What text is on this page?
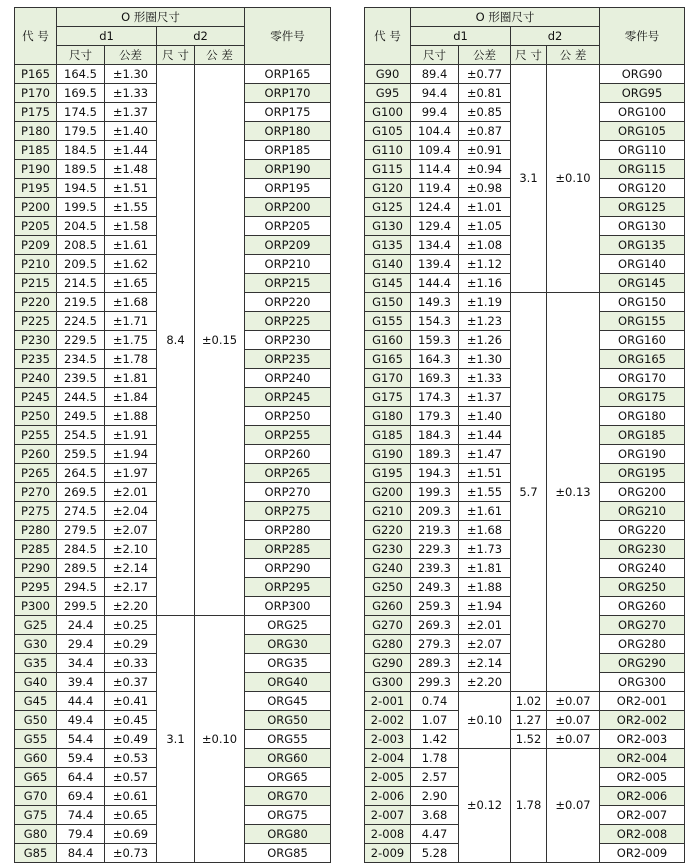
代 号	O 形圈尺寸				零件号
	d1		d2		
	尺寸	公差	尺 寸	公 差	
P165	164.5	±1.30	8.4	±0.15	ORP165
P170	169.5	±1.33			ORP170
P175	174.5	±1.37			ORP175
P180	179.5	±1.40			ORP180
P185	184.5	±1.44			ORP185
P190	189.5	±1.48			ORP190
P195	194.5	±1.51			ORP195
P200	199.5	±1.55			ORP200
P205	204.5	±1.58			ORP205
P209	208.5	±1.61			ORP209
P210	209.5	±1.62			ORP210
P215	214.5	±1.65			ORP215
P220	219.5	±1.68			ORP220
P225	224.5	±1.71			ORP225
P230	229.5	±1.75			ORP230
P235	234.5	±1.78			ORP235
P240	239.5	±1.81			ORP240
P245	244.5	±1.84			ORP245
P250	249.5	±1.88			ORP250
P255	254.5	±1.91			ORP255
P260	259.5	±1.94			ORP260
P265	264.5	±1.97			ORP265
P270	269.5	±2.01			ORP270
P275	274.5	±2.04			ORP275
P280	279.5	±2.07			ORP280
P285	284.5	±2.10			ORP285
P290	289.5	±2.14			ORP290
P295	294.5	±2.17			ORP295
P300	299.5	±2.20			ORP300
G25	24.4	±0.25	3.1	±0.10	ORG25
G30	29.4	±0.29			ORG30
G35	34.4	±0.33			ORG35
G40	39.4	±0.37			ORG40
G45	44.4	±0.41			ORG45
G50	49.4	±0.45			ORG50
G55	54.4	±0.49			ORG55
G60	59.4	±0.53			ORG60
G65	64.4	±0.57			ORG65
G70	69.4	±0.61			ORG70
G75	74.4	±0.65			ORG75
G80	79.4	±0.69			ORG80
G85	84.4	±0.73			ORG85
代 号	O 形圈尺寸				零件号
	d1		d2		
	尺寸	公差	尺 寸	公 差	
G90	89.4	±0.77	3.1	±0.10	ORG90
G95	94.4	±0.81			ORG95
G100	99.4	±0.85			ORG100
G105	104.4	±0.87			ORG105
G110	109.4	±0.91			ORG110
G115	114.4	±0.94			ORG115
G120	119.4	±0.98			ORG120
G125	124.4	±1.01			ORG125
G130	129.4	±1.05			ORG130
G135	134.4	±1.08			ORG135
G140	139.4	±1.12			ORG140
G145	144.4	±1.16			ORG145
G150	149.3	±1.19	5.7	±0.13	ORG150
G155	154.3	±1.23			ORG155
G160	159.3	±1.26			ORG160
G165	164.3	±1.30			ORG165
G170	169.3	±1.33			ORG170
G175	174.3	±1.37			ORG175
G180	179.3	±1.40			ORG180
G185	184.3	±1.44			ORG185
G190	189.3	±1.47			ORG190
G195	194.3	±1.51			ORG195
G200	199.3	±1.55			ORG200
G210	209.3	±1.61			ORG210
G220	219.3	±1.68			ORG220
G230	229.3	±1.73			ORG230
G240	239.3	±1.81			ORG240
G250	249.3	±1.88			ORG250
G260	259.3	±1.94			ORG260
G270	269.3	±2.01			ORG270
G280	279.3	±2.07			ORG280
G290	289.3	±2.14			ORG290
G300	299.3	±2.20			ORG300
2-001	0.74	±0.10	1.02	±0.07	OR2-001
2-002	1.07		1.27	±0.07	OR2-002
2-003	1.42		1.52	±0.07	OR2-003
2-004	1.78	±0.12	1.78	±0.07	OR2-004
2-005	2.57				OR2-005
2-006	2.90				OR2-006
2-007	3.68				OR2-007
2-008	4.47				OR2-008
2-009	5.28				OR2-009
